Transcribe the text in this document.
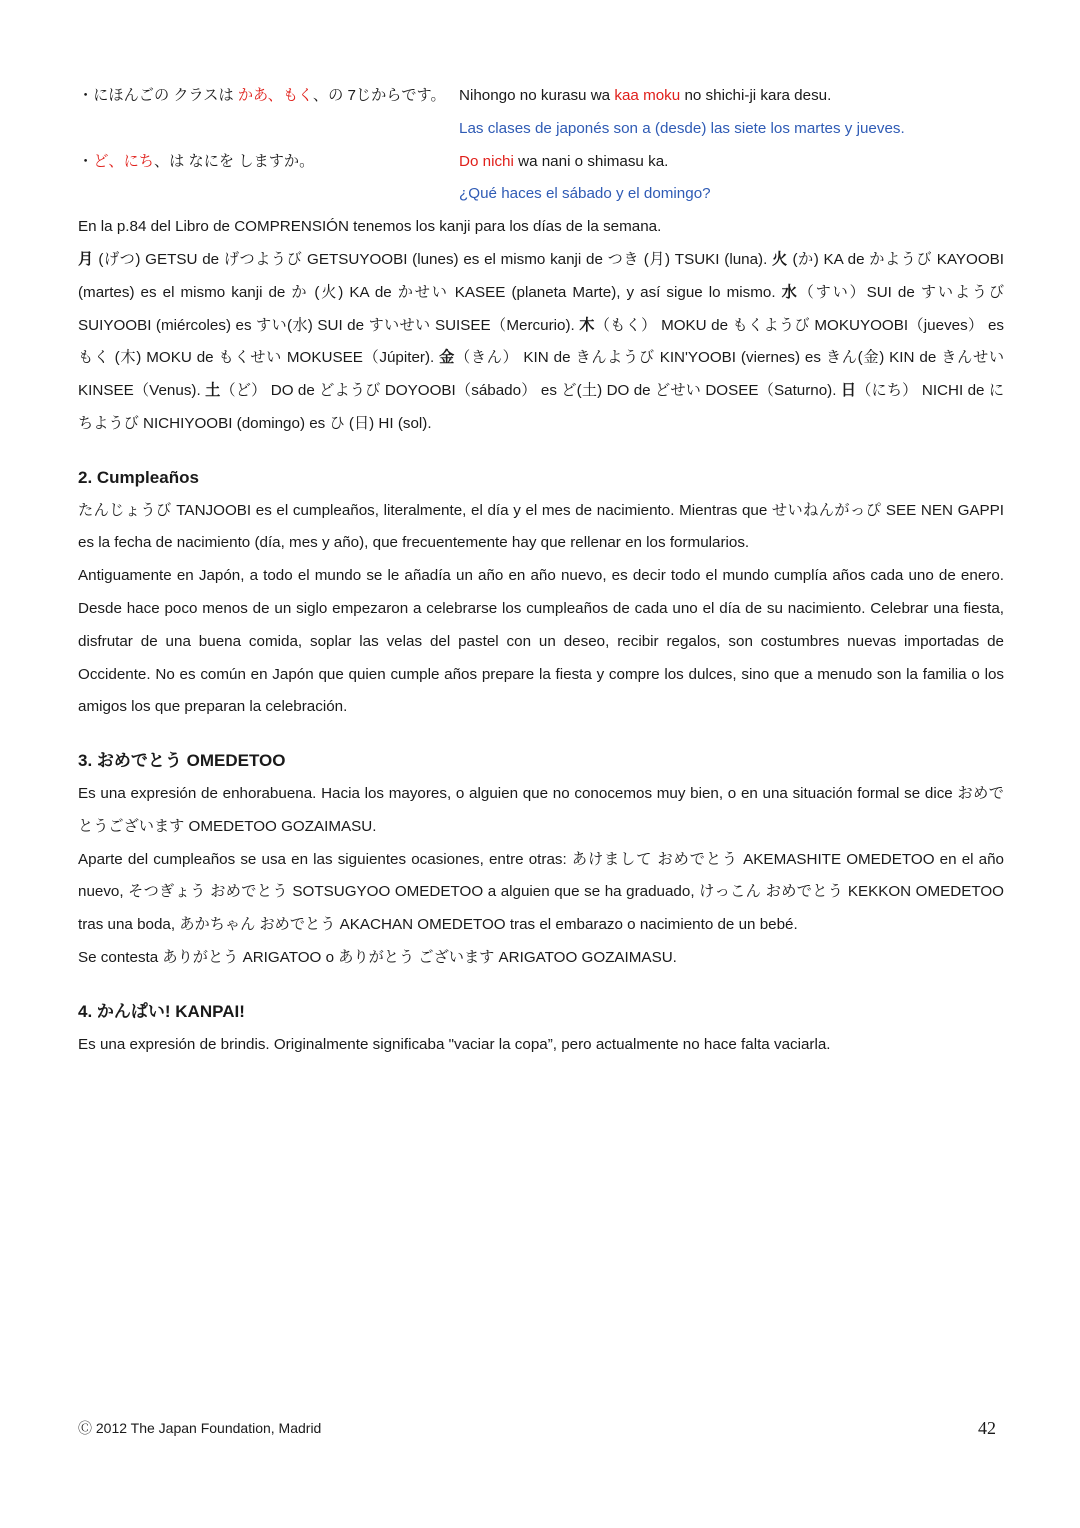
・にほんごの クラスは かあ、もく、の 7じからです。 Nihongo no kurasu wa kaa moku no shichi-ji kara desu.
Las clases de japonés son a (desde) las siete los martes y jueves.
・ど、にち、は なにを しますか。	Do nichi wa nani o shimasu ka.
¿Qué haces el sábado y el domingo?
En la p.84 del Libro de COMPRENSIÓN tenemos los kanji para los días de la semana.
月 (げつ) GETSU de げつようび GETSUYOOBI (lunes) es el mismo kanji de つき (月) TSUKI (luna). 火 (か) KA de かようび KAYOOBI (martes) es el mismo kanji de か (火) KA de かせい KASEE (planeta Marte), y así sigue lo mismo. 水（すい）SUI de すいようび SUIYOOBI (miércoles) es すい(水) SUI de すいせい SUISEE（Mercurio). 木（もく） MOKU de もくようび MOKUYOOBI（jueves） es もく (木) MOKU de もくせい MOKUSEE（Júpiter). 金（きん） KIN de きんようび KIN'YOOBI (viernes) es きん(金) KIN de きんせい KINSEE（Venus). 土（ど） DO de どようび DOYOOBI（sábado） es ど(土) DO de どせい DOSEE（Saturno). 日（にち） NICHI de にちようび NICHIYOOBI (domingo) es ひ (日) HI (sol).
2. Cumpleaños
たんじょうび TANJOOBI es el cumpleaños, literalmente, el día y el mes de nacimiento. Mientras que せいねんがっぴ SEE NEN GAPPI es la fecha de nacimiento (día, mes y año), que frecuentemente hay que rellenar en los formularios.
Antiguamente en Japón, a todo el mundo se le añadía un año en año nuevo, es decir todo el mundo cumplía años cada uno de enero. Desde hace poco menos de un siglo empezaron a celebrarse los cumpleaños de cada uno el día de su nacimiento. Celebrar una fiesta, disfrutar de una buena comida, soplar las velas del pastel con un deseo, recibir regalos, son costumbres nuevas importadas de Occidente. No es común en Japón que quien cumple años prepare la fiesta y compre los dulces, sino que a menudo son la familia o los amigos los que preparan la celebración.
3. おめでとう OMEDETOO
Es una expresión de enhorabuena. Hacia los mayores, o alguien que no conocemos muy bien, o en una situación formal se dice おめでとうございます OMEDETOO GOZAIMASU.
Aparte del cumpleaños se usa en las siguientes ocasiones, entre otras: あけまして おめでとう AKEMASHITE OMEDETOO en el año nuevo, そつぎょう おめでとう SOTSUGYOO OMEDETOO a alguien que se ha graduado, けっこん おめでとう KEKKON OMEDETOO tras una boda, あかちゃん おめでとう AKACHAN OMEDETOO tras el embarazo o nacimiento de un bebé.
Se contesta ありがとう ARIGATOO o ありがとう ございます ARIGATOO GOZAIMASU.
4. かんぱい! KANPAI!
Es una expresión de brindis. Originalmente significaba "vaciar la copa”, pero actualmente no hace falta vaciarla.
Ⓒ 2012 The Japan Foundation, Madrid	42
